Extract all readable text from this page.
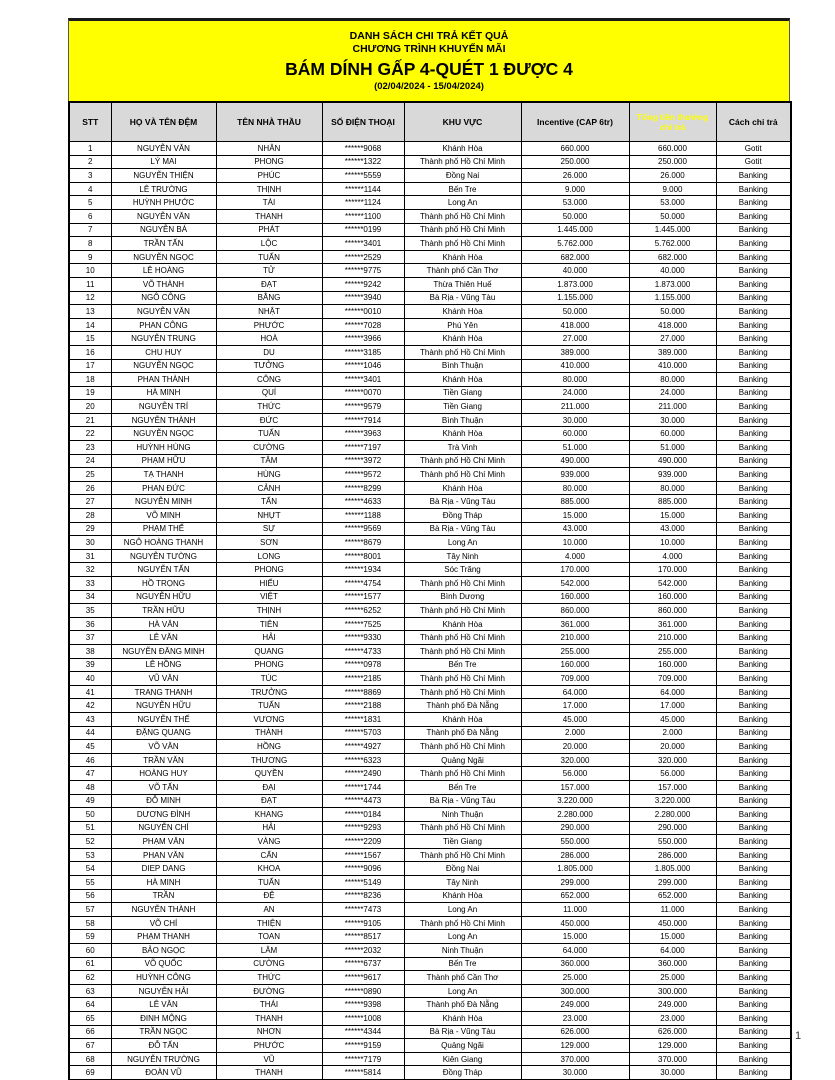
DANH SÁCH CHI TRẢ KẾT QUẢ
CHƯƠNG TRÌNH KHUYẾN MÃI
BÁM DÍNH GẤP 4-QUÉT 1 ĐƯỢC 4
(02/04/2024 - 15/04/2024)
STT	HỌ VÀ TÊN ĐỆM	TÊN NHÀ THẦU	SỐ ĐIỆN THOẠI	KHU VỰC	Incentive (CAP 6tr)	Tổng tiền thưởng chi trả	Cách chi trả
1	NGUYỄN VĂN	NHÂN	******9068	Khánh Hòa	660.000	660.000	Gotit
2	LÝ MAI	PHONG	******1322	Thành phố Hồ Chí Minh	250.000	250.000	Gotit
3	NGUYỄN THIỆN	PHÚC	******5559	Đồng Nai	26.000	26.000	Banking
4	LÊ TRƯỜNG	THỊNH	******1144	Bến Tre	9.000	9.000	Banking
5	HUỲNH PHƯỚC	TÀI	******1124	Long An	53.000	53.000	Banking
6	NGUYỄN VĂN	THANH	******1100	Thành phố Hồ Chí Minh	50.000	50.000	Banking
7	NGUYỄN BÁ	PHÁT	******0199	Thành phố Hồ Chí Minh	1.445.000	1.445.000	Banking
8	TRẦN TẤN	LỘC	******3401	Thành phố Hồ Chí Minh	5.762.000	5.762.000	Banking
9	NGUYỄN NGỌC	TUẤN	******2529	Khánh Hòa	682.000	682.000	Banking
10	LÊ HOÀNG	TỬ	******9775	Thành phố Cần Thơ	40.000	40.000	Banking
11	VÕ THÀNH	ĐẠT	******9242	Thừa Thiên Huế	1.873.000	1.873.000	Banking
12	NGÔ CÔNG	BẰNG	******3940	Bà Rịa - Vũng Tàu	1.155.000	1.155.000	Banking
13	NGUYỄN VĂN	NHẬT	******0010	Khánh Hòa	50.000	50.000	Banking
14	PHAN CÔNG	PHƯỚC	******7028	Phú Yên	418.000	418.000	Banking
15	NGUYỄN TRUNG	HOÀ	******3966	Khánh Hòa	27.000	27.000	Banking
16	CHU HUY	DU	******3185	Thành phố Hồ Chí Minh	389.000	389.000	Banking
17	NGUYỄN NGỌC	TƯỞNG	******1046	Bình Thuận	410.000	410.000	Banking
18	PHAN THÀNH	CÔNG	******3401	Khánh Hòa	80.000	80.000	Banking
19	HÀ MINH	QUÍ	******0070	Tiền Giang	24.000	24.000	Banking
20	NGUYỄN TRÍ	THỨC	******9579	Tiền Giang	211.000	211.000	Banking
21	NGUYỄN THÀNH	ĐỨC	******7914	Bình Thuận	30.000	30.000	Banking
22	NGUYỄN NGỌC	TUẤN	******3963	Khánh Hòa	60.000	60.000	Banking
23	HUỲNH HÙNG	CƯỜNG	******7197	Trà Vinh	51.000	51.000	Banking
24	PHẠM HỮU	TÂM	******3972	Thành phố Hồ Chí Minh	490.000	490.000	Banking
25	TẠ THANH	HÙNG	******9572	Thành phố Hồ Chí Minh	939.000	939.000	Banking
26	PHAN ĐỨC	CẢNH	******8299	Khánh Hòa	80.000	80.000	Banking
27	NGUYỄN MINH	TẤN	******4633	Bà Rịa - Vũng Tàu	885.000	885.000	Banking
28	VÕ MINH	NHỰT	******1188	Đồng Tháp	15.000	15.000	Banking
29	PHẠM THẾ	SỰ	******9569	Bà Rịa - Vũng Tàu	43.000	43.000	Banking
30	NGÔ HOÀNG THANH	SƠN	******8679	Long An	10.000	10.000	Banking
31	NGUYỄN TƯỜNG	LONG	******8001	Tây Ninh	4.000	4.000	Banking
32	NGUYỄN TẤN	PHONG	******1934	Sóc Trăng	170.000	170.000	Banking
33	HỒ TRỌNG	HIẾU	******4754	Thành phố Hồ Chí Minh	542.000	542.000	Banking
34	NGUYỄN HỮU	VIỆT	******1577	Bình Dương	160.000	160.000	Banking
35	TRẦN HỮU	THỊNH	******6252	Thành phố Hồ Chí Minh	860.000	860.000	Banking
36	HÀ VĂN	TIÊN	******7525	Khánh Hòa	361.000	361.000	Banking
37	LÊ VĂN	HẢI	******9330	Thành phố Hồ Chí Minh	210.000	210.000	Banking
38	NGUYỄN ĐĂNG MINH	QUANG	******4733	Thành phố Hồ Chí Minh	255.000	255.000	Banking
39	LÊ HỒNG	PHONG	******0978	Bến Tre	160.000	160.000	Banking
40	VŨ VĂN	TÚC	******2185	Thành phố Hồ Chí Minh	709.000	709.000	Banking
41	TRANG THANH	TRƯỞNG	******8869	Thành phố Hồ Chí Minh	64.000	64.000	Banking
42	NGUYỄN HỮU	TUẤN	******2188	Thành phố Đà Nẵng	17.000	17.000	Banking
43	NGUYỄN THẾ	VƯƠNG	******1831	Khánh Hòa	45.000	45.000	Banking
44	ĐẶNG QUANG	THÀNH	******5703	Thành phố Đà Nẵng	2.000	2.000	Banking
45	VÕ VĂN	HỒNG	******4927	Thành phố Hồ Chí Minh	20.000	20.000	Banking
46	TRẦN VĂN	THƯƠNG	******6323	Quảng Ngãi	320.000	320.000	Banking
47	HOÀNG HUY	QUYỀN	******2490	Thành phố Hồ Chí Minh	56.000	56.000	Banking
48	VÕ TẤN	ĐẠI	******1744	Bến Tre	157.000	157.000	Banking
49	ĐỖ MINH	ĐẠT	******4473	Bà Rịa - Vũng Tàu	3.220.000	3.220.000	Banking
50	DƯƠNG ĐÌNH	KHANG	******0184	Ninh Thuận	2.280.000	2.280.000	Banking
51	NGUYỄN CHÍ	HẢI	******9293	Thành phố Hồ Chí Minh	290.000	290.000	Banking
52	PHẠM VĂN	VÀNG	******2209	Tiền Giang	550.000	550.000	Banking
53	PHAN VĂN	CẨN	******1567	Thành phố Hồ Chí Minh	286.000	286.000	Banking
54	DIEP DANG	KHOA	******9096	Đồng Nai	1.805.000	1.805.000	Banking
55	HÀ MINH	TUẤN	******5149	Tây Ninh	299.000	299.000	Banking
56	TRẦN	ĐỆ	******8236	Khánh Hòa	652.000	652.000	Banking
57	NGUYỄN THÀNH	AN	******7473	Long An	11.000	11.000	Banking
58	VÕ CHÍ	THIỆN	******9105	Thành phố Hồ Chí Minh	450.000	450.000	Banking
59	PHẠM THANH	TOAN	******8517	Long An	15.000	15.000	Banking
60	BẢO NGỌC	LÂM	******2032	Ninh Thuận	64.000	64.000	Banking
61	VÕ QUỐC	CƯỜNG	******6737	Bến Tre	360.000	360.000	Banking
62	HUỲNH CÔNG	THỨC	******9617	Thành phố Cần Thơ	25.000	25.000	Banking
63	NGUYỄN HẢI	ĐƯỜNG	******0890	Long An	300.000	300.000	Banking
64	LÊ VĂN	THÁI	******9398	Thành phố Đà Nẵng	249.000	249.000	Banking
65	ĐINH MỘNG	THANH	******1008	Khánh Hòa	23.000	23.000	Banking
66	TRẦN NGỌC	NHƠN	******4344	Bà Rịa - Vũng Tàu	626.000	626.000	Banking
67	ĐỖ TẤN	PHƯỚC	******9159	Quảng Ngãi	129.000	129.000	Banking
68	NGUYỄN TRƯỜNG	VŨ	******7179	Kiên Giang	370.000	370.000	Banking
69	ĐOÀN VŨ	THANH	******5814	Đồng Tháp	30.000	30.000	Banking
1
